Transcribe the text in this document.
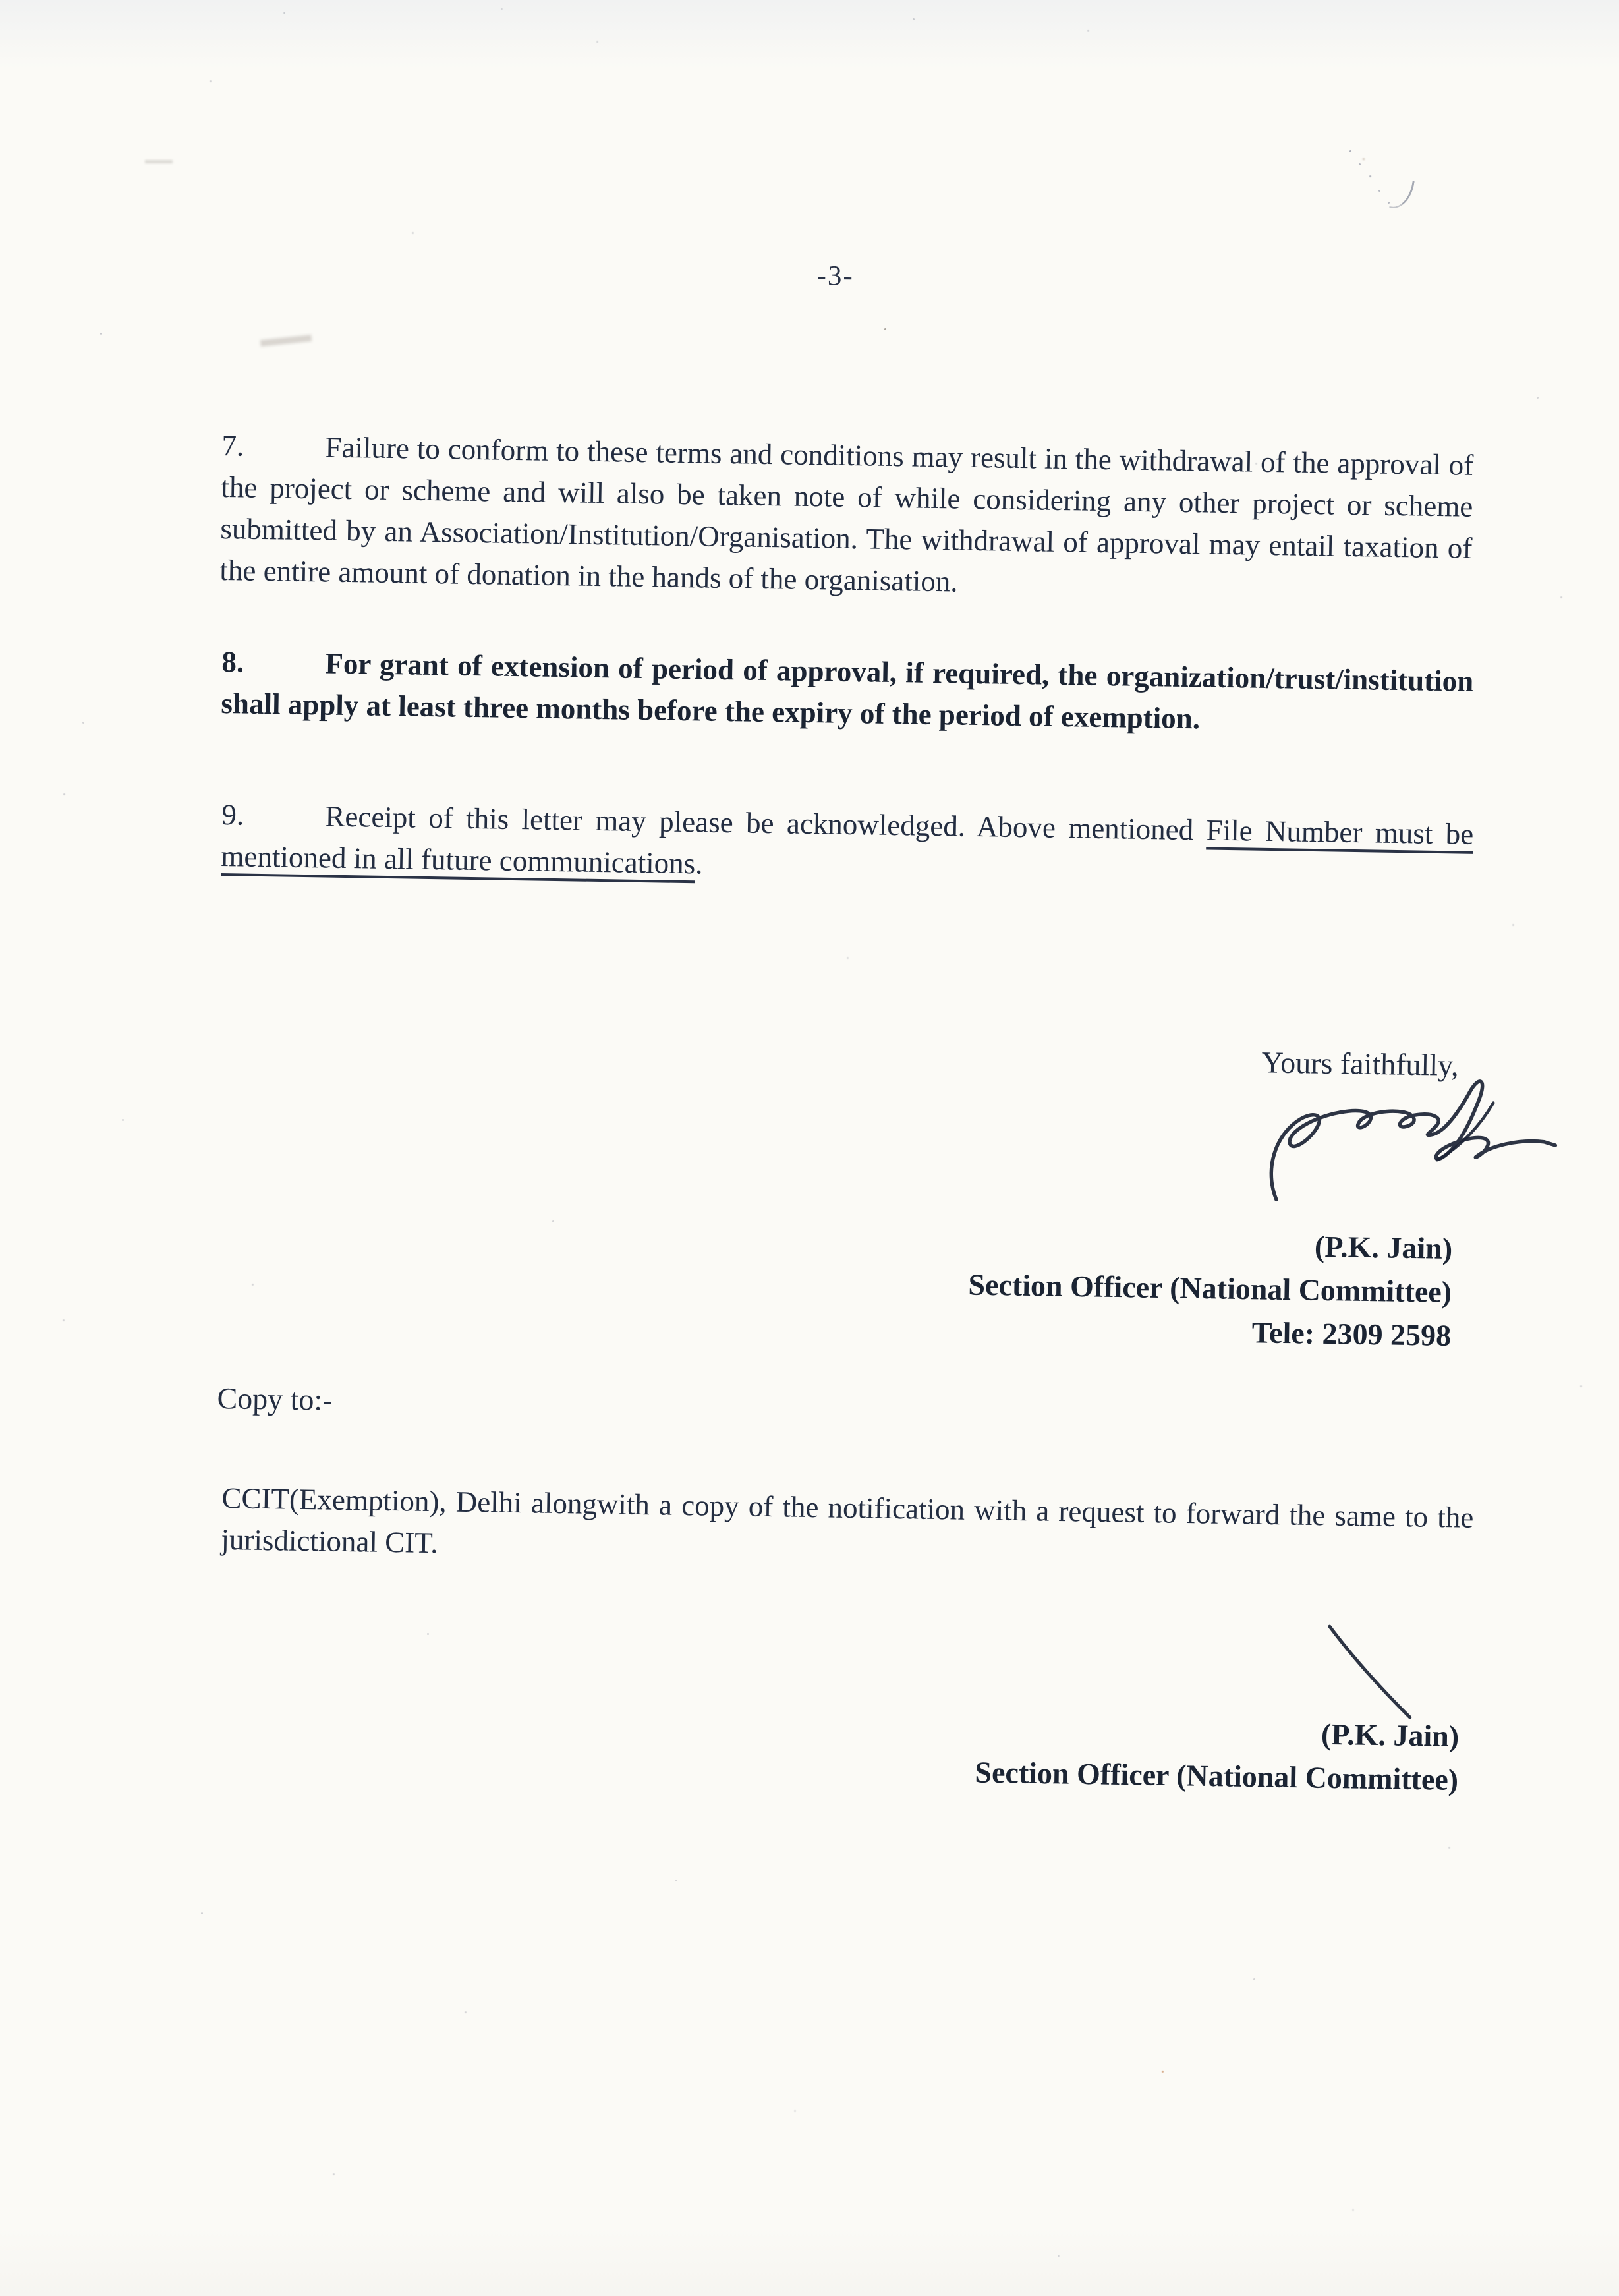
-3-
7.	Failure to conform to these terms and conditions may result in the withdrawal of the approval of the project or scheme and will also be taken note of while considering any other project or scheme submitted by an Association/Institution/Organisation. The withdrawal of approval may entail taxation of the entire amount of donation in the hands of the organisation.
8.	For grant of extension of period of approval, if required, the organization/trust/institution shall apply at least three months before the expiry of the period of exemption.
9.	Receipt of this letter may please be acknowledged. Above mentioned File Number must be mentioned in all future communications.
Yours faithfully,
(P.K. Jain)
Section Officer (National Committee)
Tele: 2309 2598
Copy to:-
CCIT(Exemption), Delhi alongwith a copy of the notification with a request to forward the same to the jurisdictional CIT.
(P.K. Jain)
Section Officer (National Committee)
